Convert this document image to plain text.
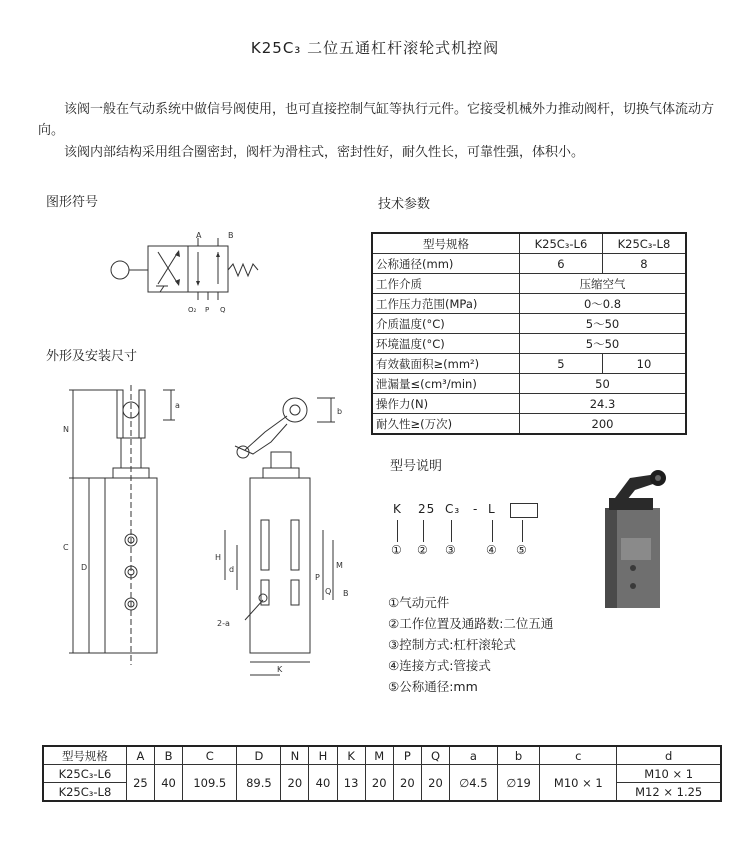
K25C₃ 二位五通杠杆滚轮式机控阀
该阀一般在气动系统中做信号阀使用，也可直接控制气缸等执行元件。它接受机械外力推动阀杆，切换气体流动方向。
该阀内部结构采用组合圈密封，阀杆为滑柱式，密封性好，耐久性长，可靠性强，体积小。
图形符号	技术参数
外形及安装尺寸
型号说明
A	B
O₂ P Q
型号规格	K25C₃-L6	K25C₃-L8
公称通径(mm)	6	8
工作介质	压缩空气	
工作压力范围(MPa)	0～0.8	
介质温度(°C)	5～50	
环境温度(°C)	5～50	
有效截面积≥(mm²)	5	10
泄漏量≤(cm³/min)	50	
操作力(N)	24.3	
耐久性≥(万次)	200	
N
C
D
a
b
H
d	M
K
P
Q B
2-a
K 25 C₃ - L
① ② ③ ④ ⑤
①气动元件
②工作位置及通路数:二位五通
③控制方式:杠杆滚轮式
④连接方式:管接式
⑤公称通径:mm
型号规格	A	B	C	D	N	H	K	M	P	Q	a	b	c	d
K25C₃-L6	25	40	109.5	89.5	20	40	13	20	20	20	∅4.5	∅19	M10 × 1	M10 × 1
K25C₃-L8														M12 × 1.25
